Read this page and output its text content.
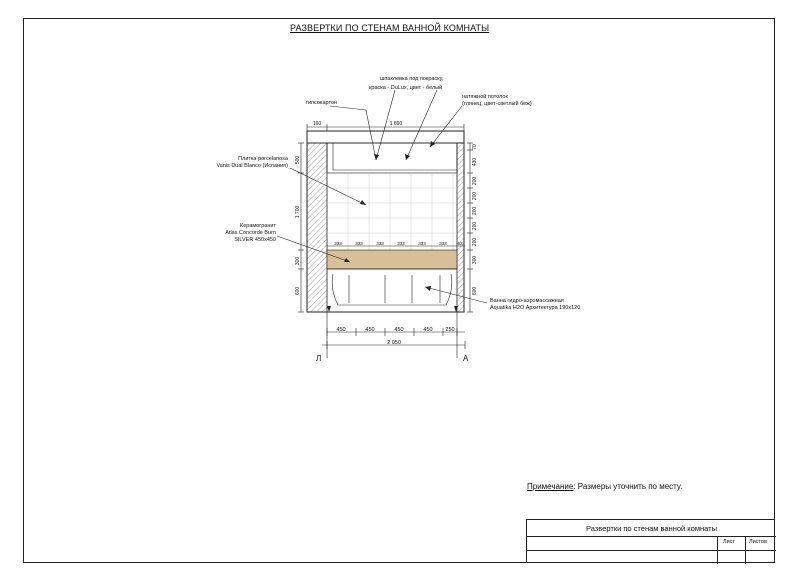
РАЗВЕРТКИ ПО СТЕНАМ ВАННОЙ КОМНАТЫ
160	1 890
500
1 700
300
600
70
430
200
200
200
200
200
300
600
333	333	333	333	333	333 62
450	450	450	450 250
2 050
Л	А
шпаклевка под покраску,
краска - DuLux, цвет - белый
гипсокартон
натяжной потолок
(глянец, цвет-светлый беж)
Плитка porcelanosa
Vanis Dual Blanco (Испания)
Керамогранит
Atlas Concorde Burn
SILVER 450x450
Ванна гидро-аэромассажная
Aquatika H2O Архитектура 190x120
Примечание: Размеры уточнить по месту.
Развертки по стенам ванной комнаты
Лист	Листов
